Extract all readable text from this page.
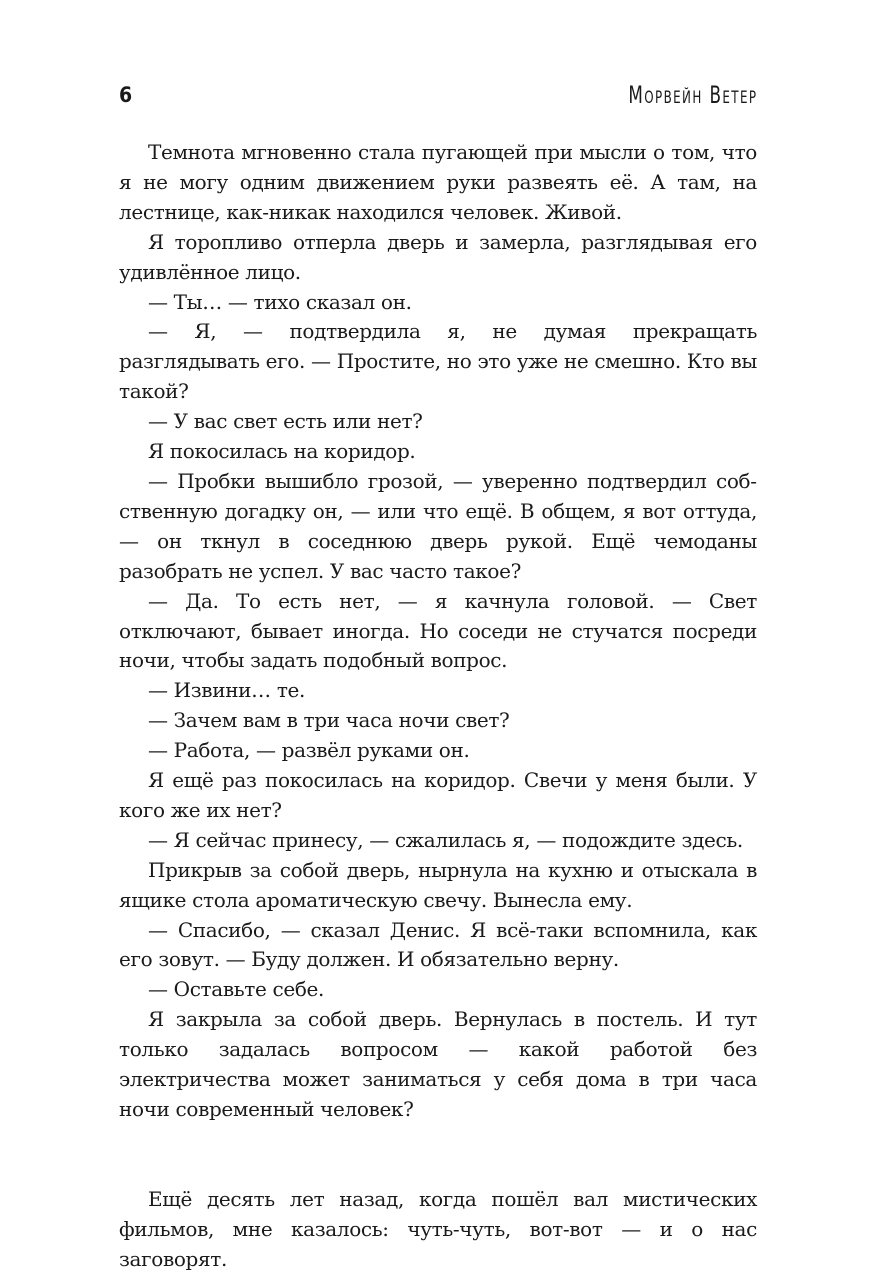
6	Морвейн Ветер

Темнота мгновенно стала пугающей при мысли о том, что я не могу одним движением руки развеять её. А там, на лестнице, как-никак находился человек. Живой.

Я торопливо отперла дверь и замерла, разглядывая его удивлённое лицо.

— Ты… — тихо сказал он.

— Я, — подтвердила я, не думая прекращать разглядывать его. — Простите, но это уже не смешно. Кто вы такой?

— У вас свет есть или нет?

Я покосилась на коридор.

— Пробки вышибло грозой, — уверенно подтвердил собственную догадку он, — или что ещё. В общем, я вот оттуда, — он ткнул в соседнюю дверь рукой. Ещё чемоданы разобрать не успел. У вас часто такое?

— Да. То есть нет, — я качнула головой. — Свет отключают, бывает иногда. Но соседи не стучатся посреди ночи, чтобы задать подобный вопрос.

— Извини… те.

— Зачем вам в три часа ночи свет?

— Работа, — развёл руками он.

Я ещё раз покосилась на коридор. Свечи у меня были. У кого же их нет?

— Я сейчас принесу, — сжалилась я, — подождите здесь.

Прикрыв за собой дверь, нырнула на кухню и отыскала в ящике стола ароматическую свечу. Вынесла ему.

— Спасибо, — сказал Денис. Я всё-таки вспомнила, как его зовут. — Буду должен. И обязательно верну.

— Оставьте себе.

Я закрыла за собой дверь. Вернулась в постель. И тут только задалась вопросом — какой работой без электричества может заниматься у себя дома в три часа ночи современный человек?

Ещё десять лет назад, когда пошёл вал мистических фильмов, мне казалось: чуть-чуть, вот-вот — и о нас заговорят.
